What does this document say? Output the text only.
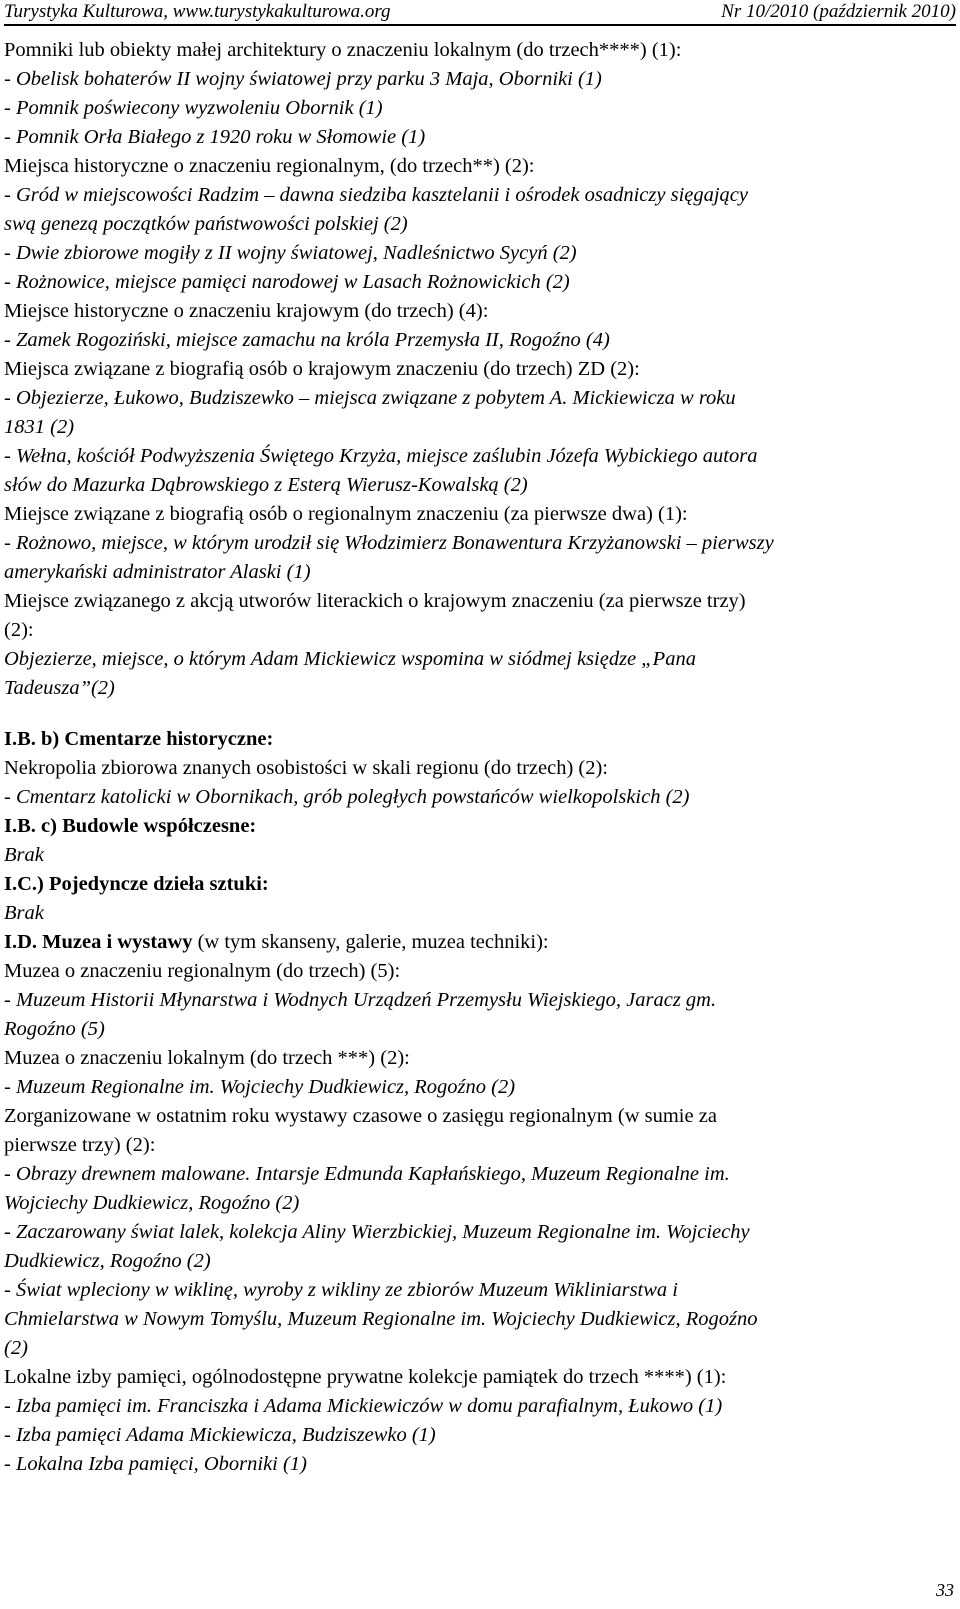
Turystyka Kulturowa, www.turystykakulturowa.org	Nr 10/2010 (październik 2010)
Pomniki lub obiekty małej architektury o znaczeniu lokalnym (do trzech****) (1):
- Obelisk bohaterów II wojny światowej przy parku 3 Maja, Oborniki (1)
- Pomnik poświecony wyzwoleniu Obornik (1)
- Pomnik Orła Białego z 1920 roku w Słomowie (1)
Miejsca historyczne o znaczeniu regionalnym, (do trzech**) (2):
- Gród w miejscowości Radzim – dawna siedziba kasztelanii i ośrodek osadniczy sięgający
swą genezą początków państwowości polskiej (2)
- Dwie zbiorowe mogiły z II wojny światowej, Nadleśnictwo Sycyń (2)
- Rożnowice, miejsce pamięci narodowej w Lasach Rożnowickich (2)
Miejsce historyczne o znaczeniu krajowym (do trzech) (4):
- Zamek Rogoziński, miejsce zamachu na króla Przemysła II, Rogoźno (4)
Miejsca związane z biografią osób o krajowym znaczeniu (do trzech) ZD (2):
- Objezierze, Łukowo, Budziszewko – miejsca związane z pobytem A. Mickiewicza w roku
1831 (2)
- Wełna, kościół Podwyższenia Świętego Krzyża, miejsce zaślubin Józefa Wybickiego autora
słów do Mazurka Dąbrowskiego z Esterą Wierusz-Kowalską (2)
Miejsce związane z biografią osób o regionalnym znaczeniu (za pierwsze dwa) (1):
- Rożnowo, miejsce, w którym urodził się Włodzimierz Bonawentura Krzyżanowski – pierwszy
amerykański administrator Alaski (1)
Miejsce związanego z akcją utworów literackich o krajowym znaczeniu (za pierwsze trzy)
(2):
Objezierze, miejsce, o którym Adam Mickiewicz wspomina w siódmej księdze „Pana
Tadeusza”(2)
I.B. b) Cmentarze historyczne:
Nekropolia zbiorowa znanych osobistości w skali regionu (do trzech) (2):
- Cmentarz katolicki w Obornikach, grób poległych powstańców wielkopolskich (2)
I.B. c) Budowle współczesne:
Brak
I.C.) Pojedyncze dzieła sztuki:
Brak
I.D. Muzea i wystawy (w tym skanseny, galerie, muzea techniki):
Muzea o znaczeniu regionalnym (do trzech) (5):
- Muzeum Historii Młynarstwa i Wodnych Urządzeń Przemysłu Wiejskiego, Jaracz gm.
Rogoźno (5)
Muzea o znaczeniu lokalnym (do trzech ***) (2):
- Muzeum Regionalne im. Wojciechy Dudkiewicz, Rogoźno (2)
Zorganizowane w ostatnim roku wystawy czasowe o zasięgu regionalnym (w sumie za
pierwsze trzy) (2):
- Obrazy drewnem malowane. Intarsje Edmunda Kapłańskiego, Muzeum Regionalne im.
Wojciechy Dudkiewicz, Rogoźno (2)
- Zaczarowany świat lalek, kolekcja Aliny Wierzbickiej, Muzeum Regionalne im. Wojciechy
Dudkiewicz, Rogoźno (2)
- Świat wpleciony w wiklinę, wyroby z wikliny ze zbiorów Muzeum Wikliniarstwa i
Chmielarstwa w Nowym Tomyślu, Muzeum Regionalne im. Wojciechy Dudkiewicz, Rogoźno
(2)
Lokalne izby pamięci, ogólnodostępne prywatne kolekcje pamiątek do trzech ****) (1):
- Izba pamięci im. Franciszka i Adama Mickiewiczów w domu parafialnym, Łukowo (1)
- Izba pamięci Adama Mickiewicza, Budziszewko (1)
- Lokalna Izba pamięci, Oborniki (1)
33
